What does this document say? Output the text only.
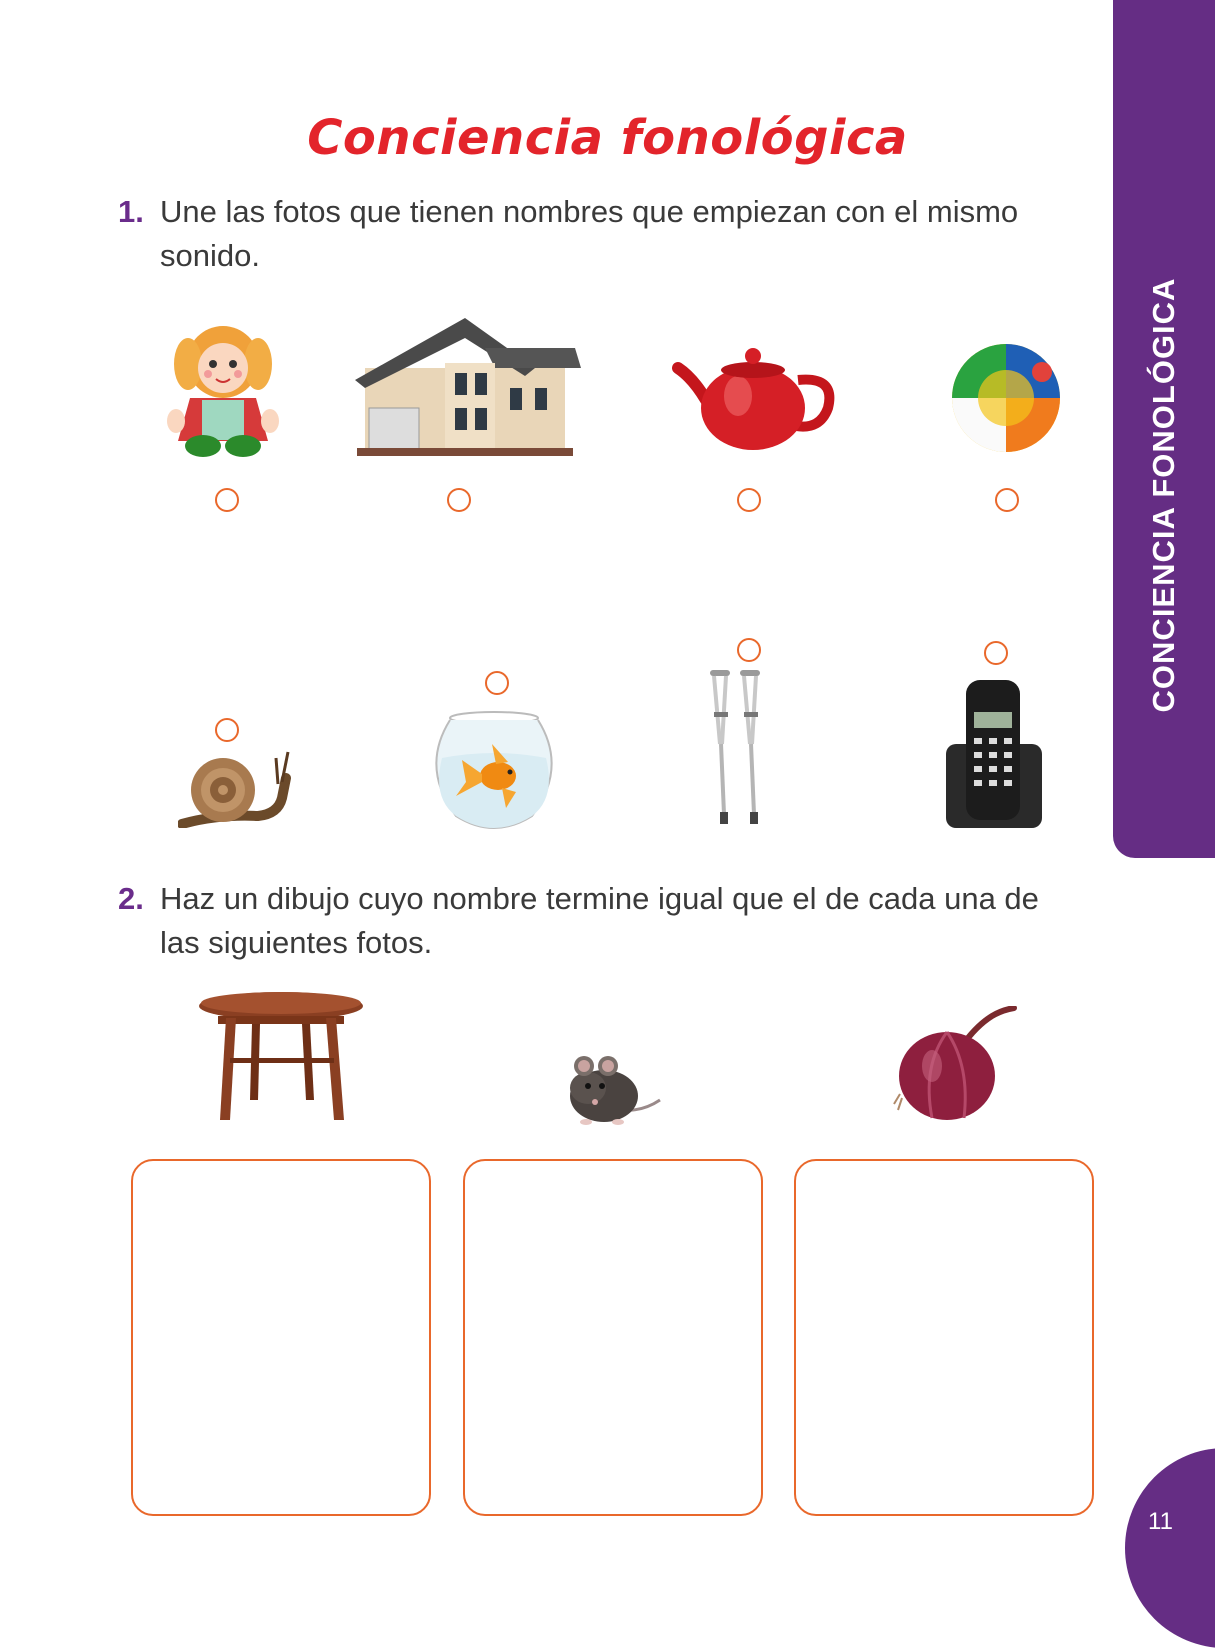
Conciencia fonológica
1. Une las fotos que tienen nombres que empiezan con el mismo sonido.
CONCIENCIA FONOLÓGICA
2. Haz un dibujo cuyo nombre termine igual que el de cada una de las siguientes fotos.
11
